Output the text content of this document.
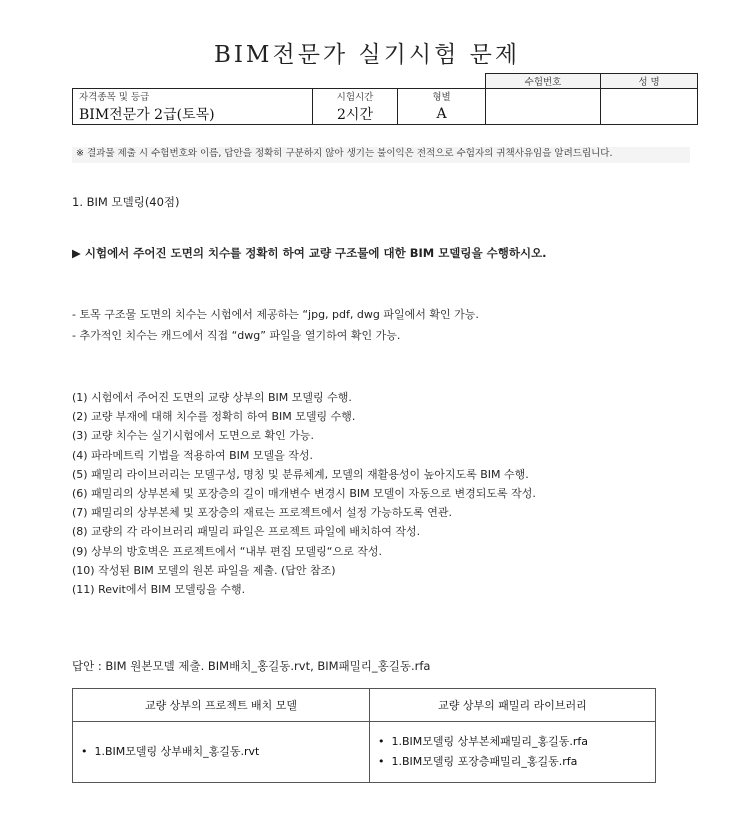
BIM전문가 실기시험 문제
			수험번호	성 명
자격종목 및 등급	시험시간	형별		
BIM전문가 2급(토목)	2시간	A		
※ 결과물 제출 시 수험번호와 이름, 답안을 정확히 구분하지 않아 생기는 불이익은 전적으로 수험자의 귀책사유임을 알려드립니다.
1. BIM 모델링(40점)
▶ 시험에서 주어진 도면의 치수를 정확히 하여 교량 구조물에 대한 BIM 모델링을 수행하시오.
- 토목 구조물 도면의 치수는 시험에서 제공하는 “jpg, pdf, dwg 파일에서 확인 가능.
- 추가적인 치수는 캐드에서 직접 “dwg” 파일을 열기하여 확인 가능.
(1) 시험에서 주어진 도면의 교량 상부의 BIM 모델링 수행.
(2) 교량 부재에 대해 치수를 정확히 하여 BIM 모델링 수행.
(3) 교량 치수는 실기시험에서 도면으로 확인 가능.
(4) 파라메트릭 기법을 적용하여 BIM 모델을 작성.
(5) 패밀리 라이브러리는 모델구성, 명칭 및 분류체계, 모델의 재활용성이 높아지도록 BIM 수행.
(6) 패밀리의 상부본체 및 포장층의 길이 매개변수 변경시 BIM 모델이 자동으로 변경되도록 작성.
(7) 패밀리의 상부본체 및 포장층의 재료는 프로젝트에서 설정 가능하도록 연관.
(8) 교량의 각 라이브러리 패밀리 파일은 프로젝트 파일에 배치하여 작성.
(9) 상부의 방호벽은 프로젝트에서 “내부 편집 모델링“으로 작성.
(10) 작성된 BIM 모델의 원본 파일을 제출. (답안 참조)
(11) Revit에서 BIM 모델링을 수행.
답안 : BIM 원본모델 제출. BIM배치_홍길동.rvt, BIM패밀리_홍길동.rfa
교량 상부의 프로젝트 배치 모델	교량 상부의 패밀리 라이브러리

•  1.BIM모델링 상부배치_홍길동.rvt	•  1.BIM모델링 상부본체패밀리_홍길동.rfa
•  1.BIM모델링 포장층패밀리_홍길동.rfa
